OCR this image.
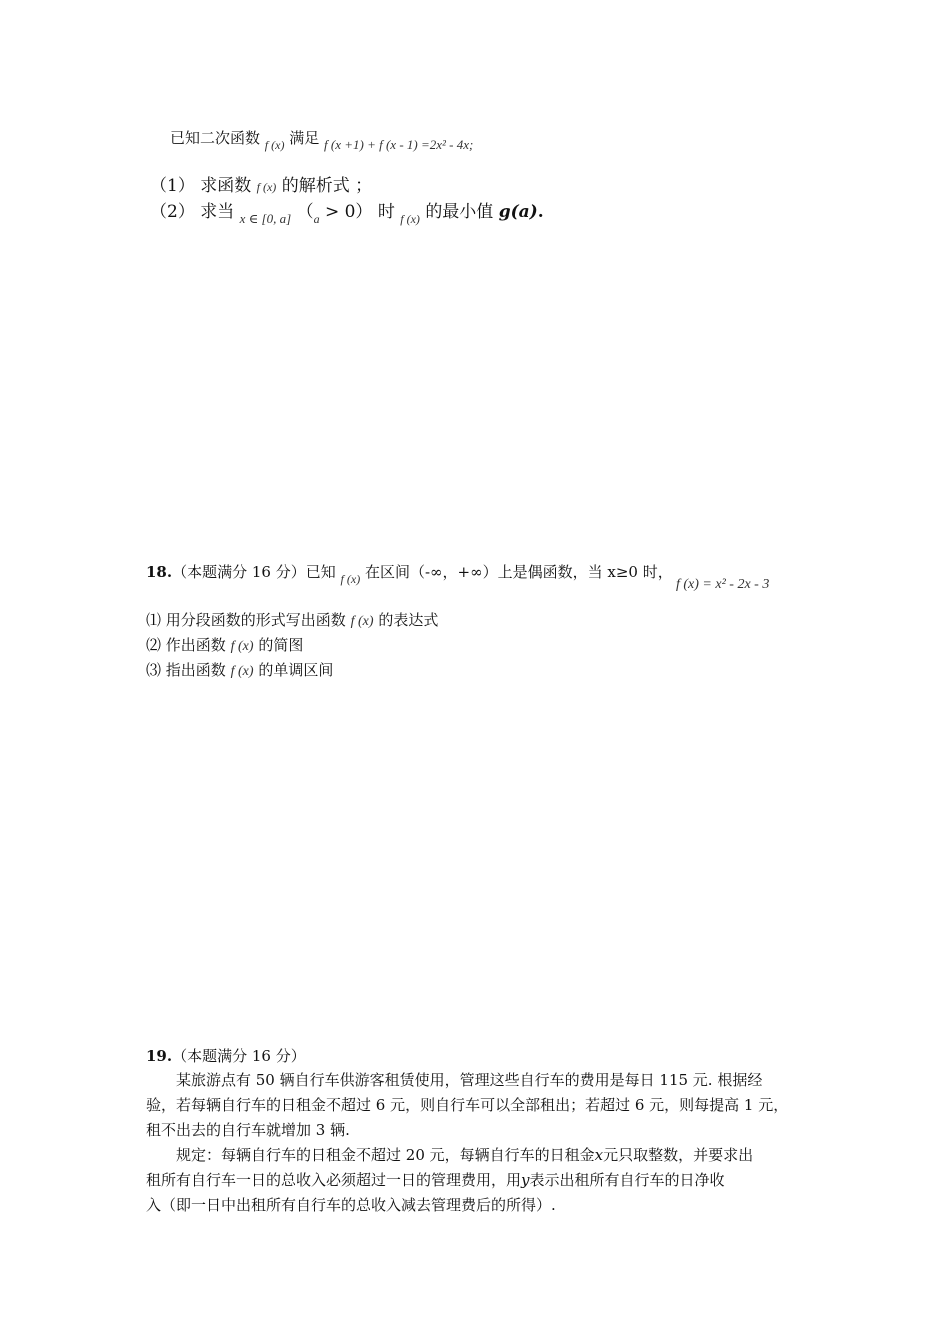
已知二次函数 $_{f (x)}$ 满足 f (x +1) + f (x - 1) =2x² - 4x;
（1） 求函数 f (x) 的解析式 ；
（2） 求当 $_{x \in [0, a]}$ $(_a > 0)$ 时 $_{f (x)}$ 的最小值 g(a).
18.（本题满分 16 分）已知 $_{f (x)}$ 在区间（-∞，+∞）上是偶函数，当 x≥0 时，
f (x) = x² - 2x - 3
⑴ 用分段函数的形式写出函数 f (x) 的表达式
⑵ 作出函数 f (x) 的简图
⑶ 指出函数 f (x) 的单调区间
19.（本题满分 16 分）

某旅游点有 50 辆自行车供游客租赁使用，管理这些自行车的费用是每日 115 元. 根据经

验，若每辆自行车的日租金不超过 6 元，则自行车可以全部租出；若超过 6 元，则每提高 1 元，

租不出去的自行车就增加 3 辆.

规定：每辆自行车的日租金不超过 20 元，每辆自行车的日租金x元只取整数，并要求出

租所有自行车一日的总收入必须超过一日的管理费用，用y表示出租所有自行车的日净收

入（即一日中出租所有自行车的总收入减去管理费后的所得）.
